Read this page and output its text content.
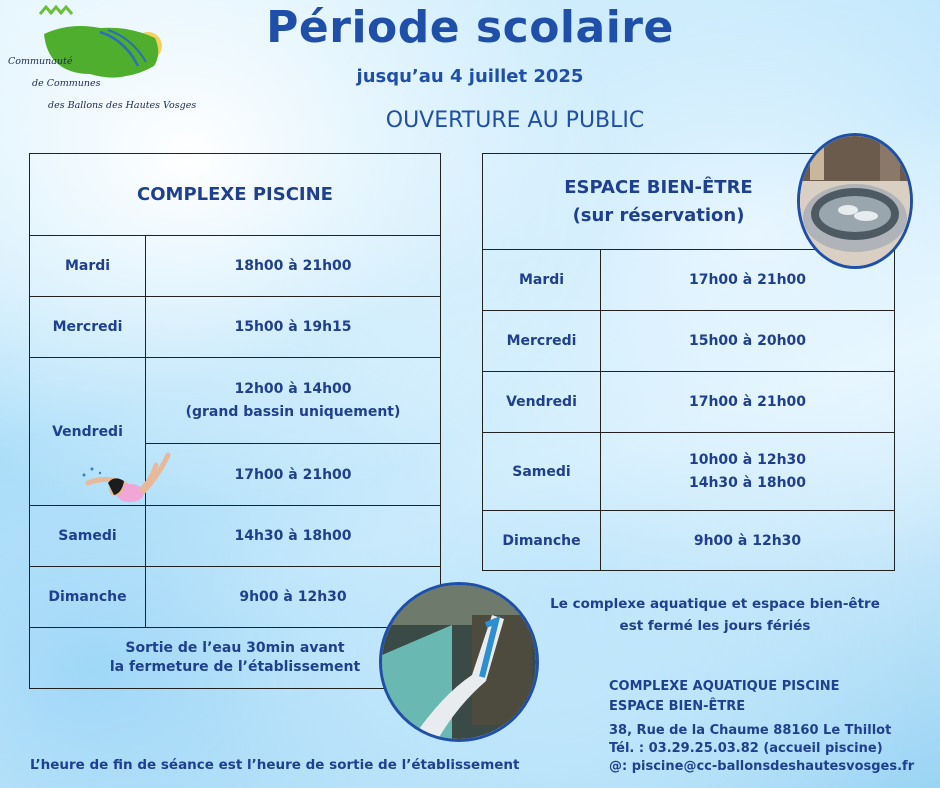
Communauté
de Communes
des Ballons des Hautes Vosges
Période scolaire
jusqu’au 4 juillet 2025
OUVERTURE AU PUBLIC
COMPLEXE PISCINE	
Mardi	18h00 à 21h00
Mercredi	15h00 à 19h15
Vendredi	12h00 à 14h00
(grand bassin uniquement)

	17h00 à 21h00
Samedi	14h30 à 18h00
Dimanche	9h00 à 12h30

Sortie de l’eau 30min avant
la fermeture de l’établissement	
ESPACE BIEN-ÊTRE
(sur réservation)	

Mardi	17h00 à 21h00
Mercredi	15h00 à 20h00
Vendredi	17h00 à 21h00
Samedi	10h00 à 12h30
14h30 à 18h00

Dimanche	9h00 à 12h30
Le complexe aquatique et espace bien-être
est fermé les jours fériés
COMPLEXE AQUATIQUE PISCINE
ESPACE BIEN-ÊTRE
38, Rue de la Chaume 88160 Le Thillot
Tél. : 03.29.25.03.82 (accueil piscine)
@: piscine@cc-ballonsdeshautesvosges.fr
L’heure de fin de séance est l’heure de sortie de l’établissement
